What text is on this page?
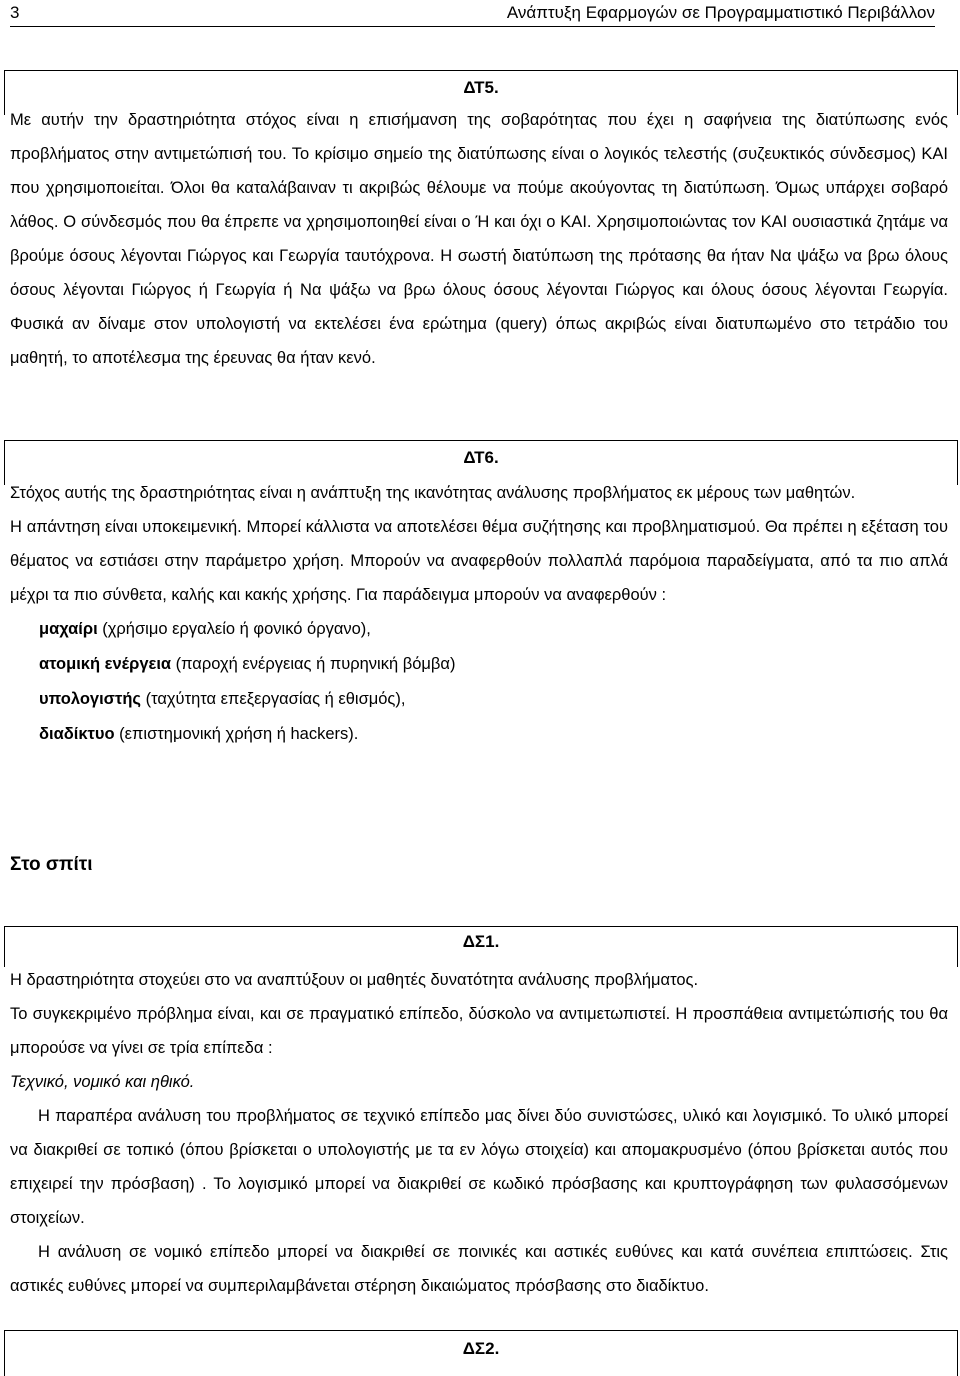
3	Ανάπτυξη Εφαρμογών σε Προγραμματιστικό Περιβάλλον
ΔΤ5.

Με αυτήν την δραστηριότητα στόχος είναι η επισήμανση της σοβαρότητας που έχει η σαφήνεια της διατύπωσης ενός προβλήματος στην αντιμετώπισή του. Το κρίσιμο σημείο της διατύπωσης είναι ο λογικός τελεστής (συζευκτικός σύνδεσμος) ΚΑΙ που χρησιμοποιείται. Όλοι θα καταλάβαιναν τι ακριβώς θέλουμε να πούμε ακούγοντας τη διατύπωση. Όμως υπάρχει σοβαρό λάθος. Ο σύνδεσμός που θα έπρεπε να χρησιμοποιηθεί είναι ο Ή και όχι ο ΚΑΙ. Χρησιμοποιώντας τον ΚΑΙ ουσιαστικά ζητάμε να βρούμε όσους λέγονται Γιώργος και Γεωργία ταυτόχρονα. Η σωστή διατύπωση της πρότασης θα ήταν Να ψάξω να βρω όλους όσους λέγονται Γιώργος ή Γεωργία ή Να ψάξω να βρω όλους όσους λέγονται Γιώργος και όλους όσους λέγονται Γεωργία. Φυσικά αν δίναμε στον υπολογιστή να εκτελέσει ένα ερώτημα (query) όπως ακριβώς είναι διατυπωμένο στο τετράδιο του μαθητή, το αποτέλεσμα της έρευνας θα ήταν κενό.

ΔΤ6.

Στόχος αυτής της δραστηριότητας είναι η ανάπτυξη της ικανότητας ανάλυσης προβλήματος εκ μέρους των μαθητών.

Η απάντηση είναι υποκειμενική. Μπορεί κάλλιστα να αποτελέσει θέμα συζήτησης και προβληματισμού. Θα πρέπει η εξέταση του θέματος να εστιάσει στην παράμετρο χρήση. Μπορούν να αναφερθούν πολλαπλά παρόμοια παραδείγματα, από τα πιο απλά μέχρι τα πιο σύνθετα, καλής και κακής χρήσης. Για παράδειγμα μπορούν να αναφερθούν :

μαχαίρι (χρήσιμο εργαλείο ή φονικό όργανο),
ατομική ενέργεια (παροχή ενέργειας ή πυρηνική βόμβα)
υπολογιστής (ταχύτητα επεξεργασίας ή εθισμός),
διαδίκτυο (επιστημονική χρήση ή hackers).
Στο σπίτι
ΔΣ1.

Η δραστηριότητα στοχεύει στο να αναπτύξουν οι μαθητές δυνατότητα ανάλυσης προβλήματος.

Το συγκεκριμένο πρόβλημα είναι, και σε πραγματικό επίπεδο, δύσκολο να αντιμετωπιστεί. Η προσπάθεια αντιμετώπισής του θα μπορούσε να γίνει σε τρία επίπεδα :

Τεχνικό, νομικό και ηθικό.

Η παραπέρα ανάλυση του προβλήματος σε τεχνικό επίπεδο μας δίνει δύο συνιστώσες, υλικό και λογισμικό. Το υλικό μπορεί να διακριθεί σε τοπικό (όπου βρίσκεται ο υπολογιστής με τα εν λόγω στοιχεία) και απομακρυσμένο (όπου βρίσκεται αυτός που επιχειρεί την πρόσβαση) . Το λογισμικό μπορεί να διακριθεί σε κωδικό πρόσβασης και κρυπτογράφηση των φυλασσόμενων στοιχείων.

Η ανάλυση σε νομικό επίπεδο μπορεί να διακριθεί σε ποινικές και αστικές ευθύνες και κατά συνέπεια επιπτώσεις. Στις αστικές ευθύνες μπορεί να συμπεριλαμβάνεται στέρηση δικαιώματος πρόσβασης στο διαδίκτυο.

ΔΣ2.
